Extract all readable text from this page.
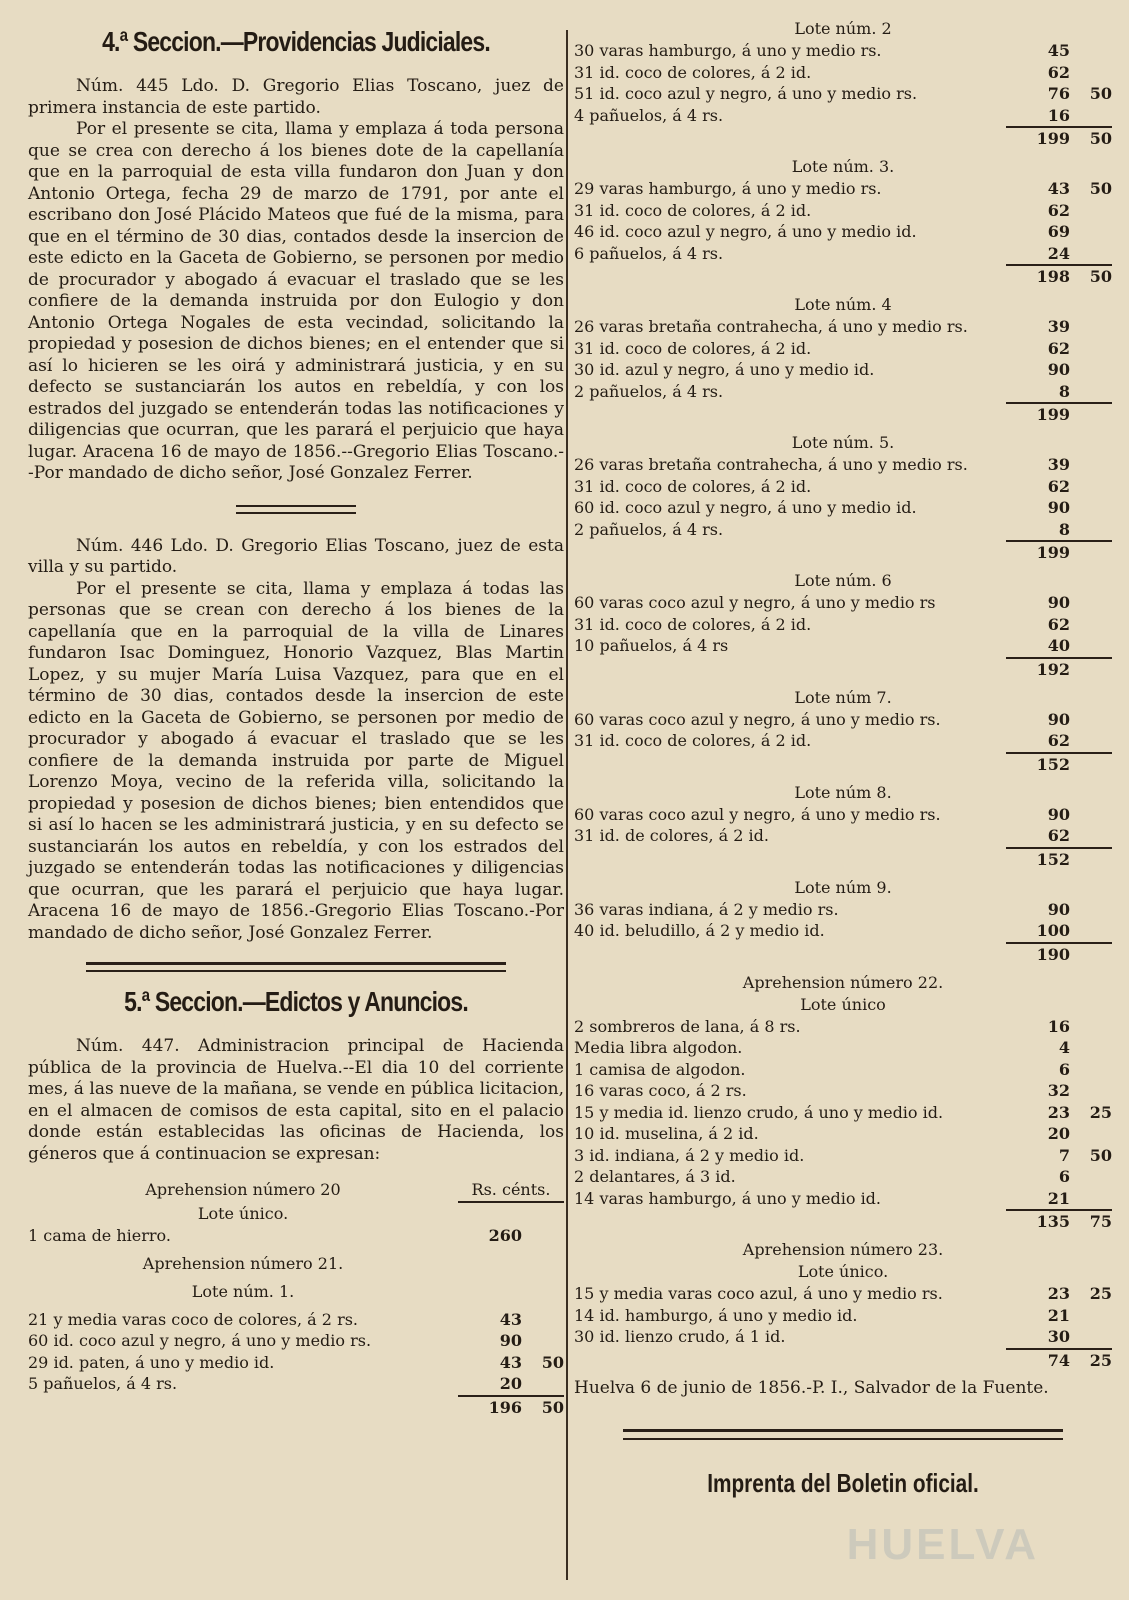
4.ª Seccion.—Providencias Judiciales.

Núm. 445 Ldo. D. Gregorio Elias Toscano, juez de primera instancia de este partido.

Por el presente se cita, llama y emplaza á toda persona que se crea con derecho á los bienes dote de la capellanía que en la parroquial de esta villa fundaron don Juan y don Antonio Ortega, fecha 29 de marzo de 1791, por ante el escribano don José Plácido Mateos que fué de la misma, para que en el término de 30 dias, contados desde la insercion de este edicto en la Gaceta de Gobierno, se personen por medio de procurador y abogado á evacuar el traslado que se les confiere de la demanda instruida por don Eulogio y don Antonio Ortega Nogales de esta vecindad, solicitando la propiedad y posesion de dichos bienes; en el entender que si así lo hicieren se les oirá y administrará justicia, y en su defecto se sustanciarán los autos en rebeldía, y con los estrados del juzgado se entenderán todas las notificaciones y diligencias que ocurran, que les parará el perjuicio que haya lugar. Aracena 16 de mayo de 1856.--Gregorio Elias Toscano.--Por mandado de dicho señor, José Gonzalez Ferrer.

Núm. 446 Ldo. D. Gregorio Elias Toscano, juez de esta villa y su partido.

Por el presente se cita, llama y emplaza á todas las personas que se crean con derecho á los bienes de la capellanía que en la parroquial de la villa de Linares fundaron Isac Dominguez, Honorio Vazquez, Blas Martin Lopez, y su mujer María Luisa Vazquez, para que en el término de 30 dias, contados desde la insercion de este edicto en la Gaceta de Gobierno, se personen por medio de procurador y abogado á evacuar el traslado que se les confiere de la demanda instruida por parte de Miguel Lorenzo Moya, vecino de la referida villa, solicitando la propiedad y posesion de dichos bienes; bien entendidos que si así lo hacen se les administrará justicia, y en su defecto se sustanciarán los autos en rebeldía, y con los estrados del juzgado se entenderán todas las notificaciones y diligencias que ocurran, que les parará el perjuicio que haya lugar. Aracena 16 de mayo de 1856.-Gregorio Elias Toscano.-Por mandado de dicho señor, José Gonzalez Ferrer.

5.ª Seccion.—Edictos y Anuncios.

Núm. 447. Administracion principal de Hacienda pública de la provincia de Huelva.--El dia 10 del corriente mes, á las nueve de la mañana, se vende en pública licitacion, en el almacen de comisos de esta capital, sito en el palacio donde están establecidas las oficinas de Hacienda, los géneros que á continuacion se expresan:

Aprehension número 20	Rs. cénts.
Lote único.
1 cama de hierro.	260
Aprehension número 21.
Lote núm. 1.
21 y media varas coco de colores, á 2 rs.	43
60 id. coco azul y negro, á uno y medio rs.	90
29 id. paten, á uno y medio id.	43	50
5 pañuelos, á 4 rs.	20
196	50
Lote núm. 2
30 varas hamburgo, á uno y medio rs.	45
31 id. coco de colores, á 2 id.	62
51 id. coco azul y negro, á uno y medio rs.	76	50
4 pañuelos, á 4 rs.	16
199	50
Lote núm. 3.
29 varas hamburgo, á uno y medio rs.	43	50
31 id. coco de colores, á 2 id.	62
46 id. coco azul y negro, á uno y medio id.	69
6 pañuelos, á 4 rs.	24
198	50
Lote núm. 4
26 varas bretaña contrahecha, á uno y medio rs.	39
31 id. coco de colores, á 2 id.	62
30 id. azul y negro, á uno y medio id.	90
2 pañuelos, á 4 rs.	8
199
Lote núm. 5.
26 varas bretaña contrahecha, á uno y medio rs.	39
31 id. coco de colores, á 2 id.	62
60 id. coco azul y negro, á uno y medio id.	90
2 pañuelos, á 4 rs.	8
199
Lote núm. 6
60 varas coco azul y negro, á uno y medio rs	90
31 id. coco de colores, á 2 id.	62
10 pañuelos, á 4 rs	40
192
Lote núm 7.
60 varas coco azul y negro, á uno y medio rs.	90
31 id. coco de colores, á 2 id.	62
152
Lote núm 8.
60 varas coco azul y negro, á uno y medio rs.	90
31 id. de colores, á 2 id.	62
152
Lote núm 9.
36 varas indiana, á 2 y medio rs.	90
40 id. beludillo, á 2 y medio id.	100
190
Aprehension número 22.
Lote único
2 sombreros de lana, á 8 rs.	16
Media libra algodon.	4
1 camisa de algodon.	6
16 varas coco, á 2 rs.	32
15 y media id. lienzo crudo, á uno y medio id.	23	25
10 id. muselina, á 2 id.	20
3 id. indiana, á 2 y medio id.	7	50
2 delantares, á 3 id.	6
14 varas hamburgo, á uno y medio id.	21
135	75
Aprehension número 23.
Lote único.
15 y media varas coco azul, á uno y medio rs.	23	25
14 id. hamburgo, á uno y medio id.	21
30 id. lienzo crudo, á 1 id.	30
74	25

Huelva 6 de junio de 1856.-P. I., Salvador de la Fuente.

Imprenta del Boletin oficial.
HUELVA
